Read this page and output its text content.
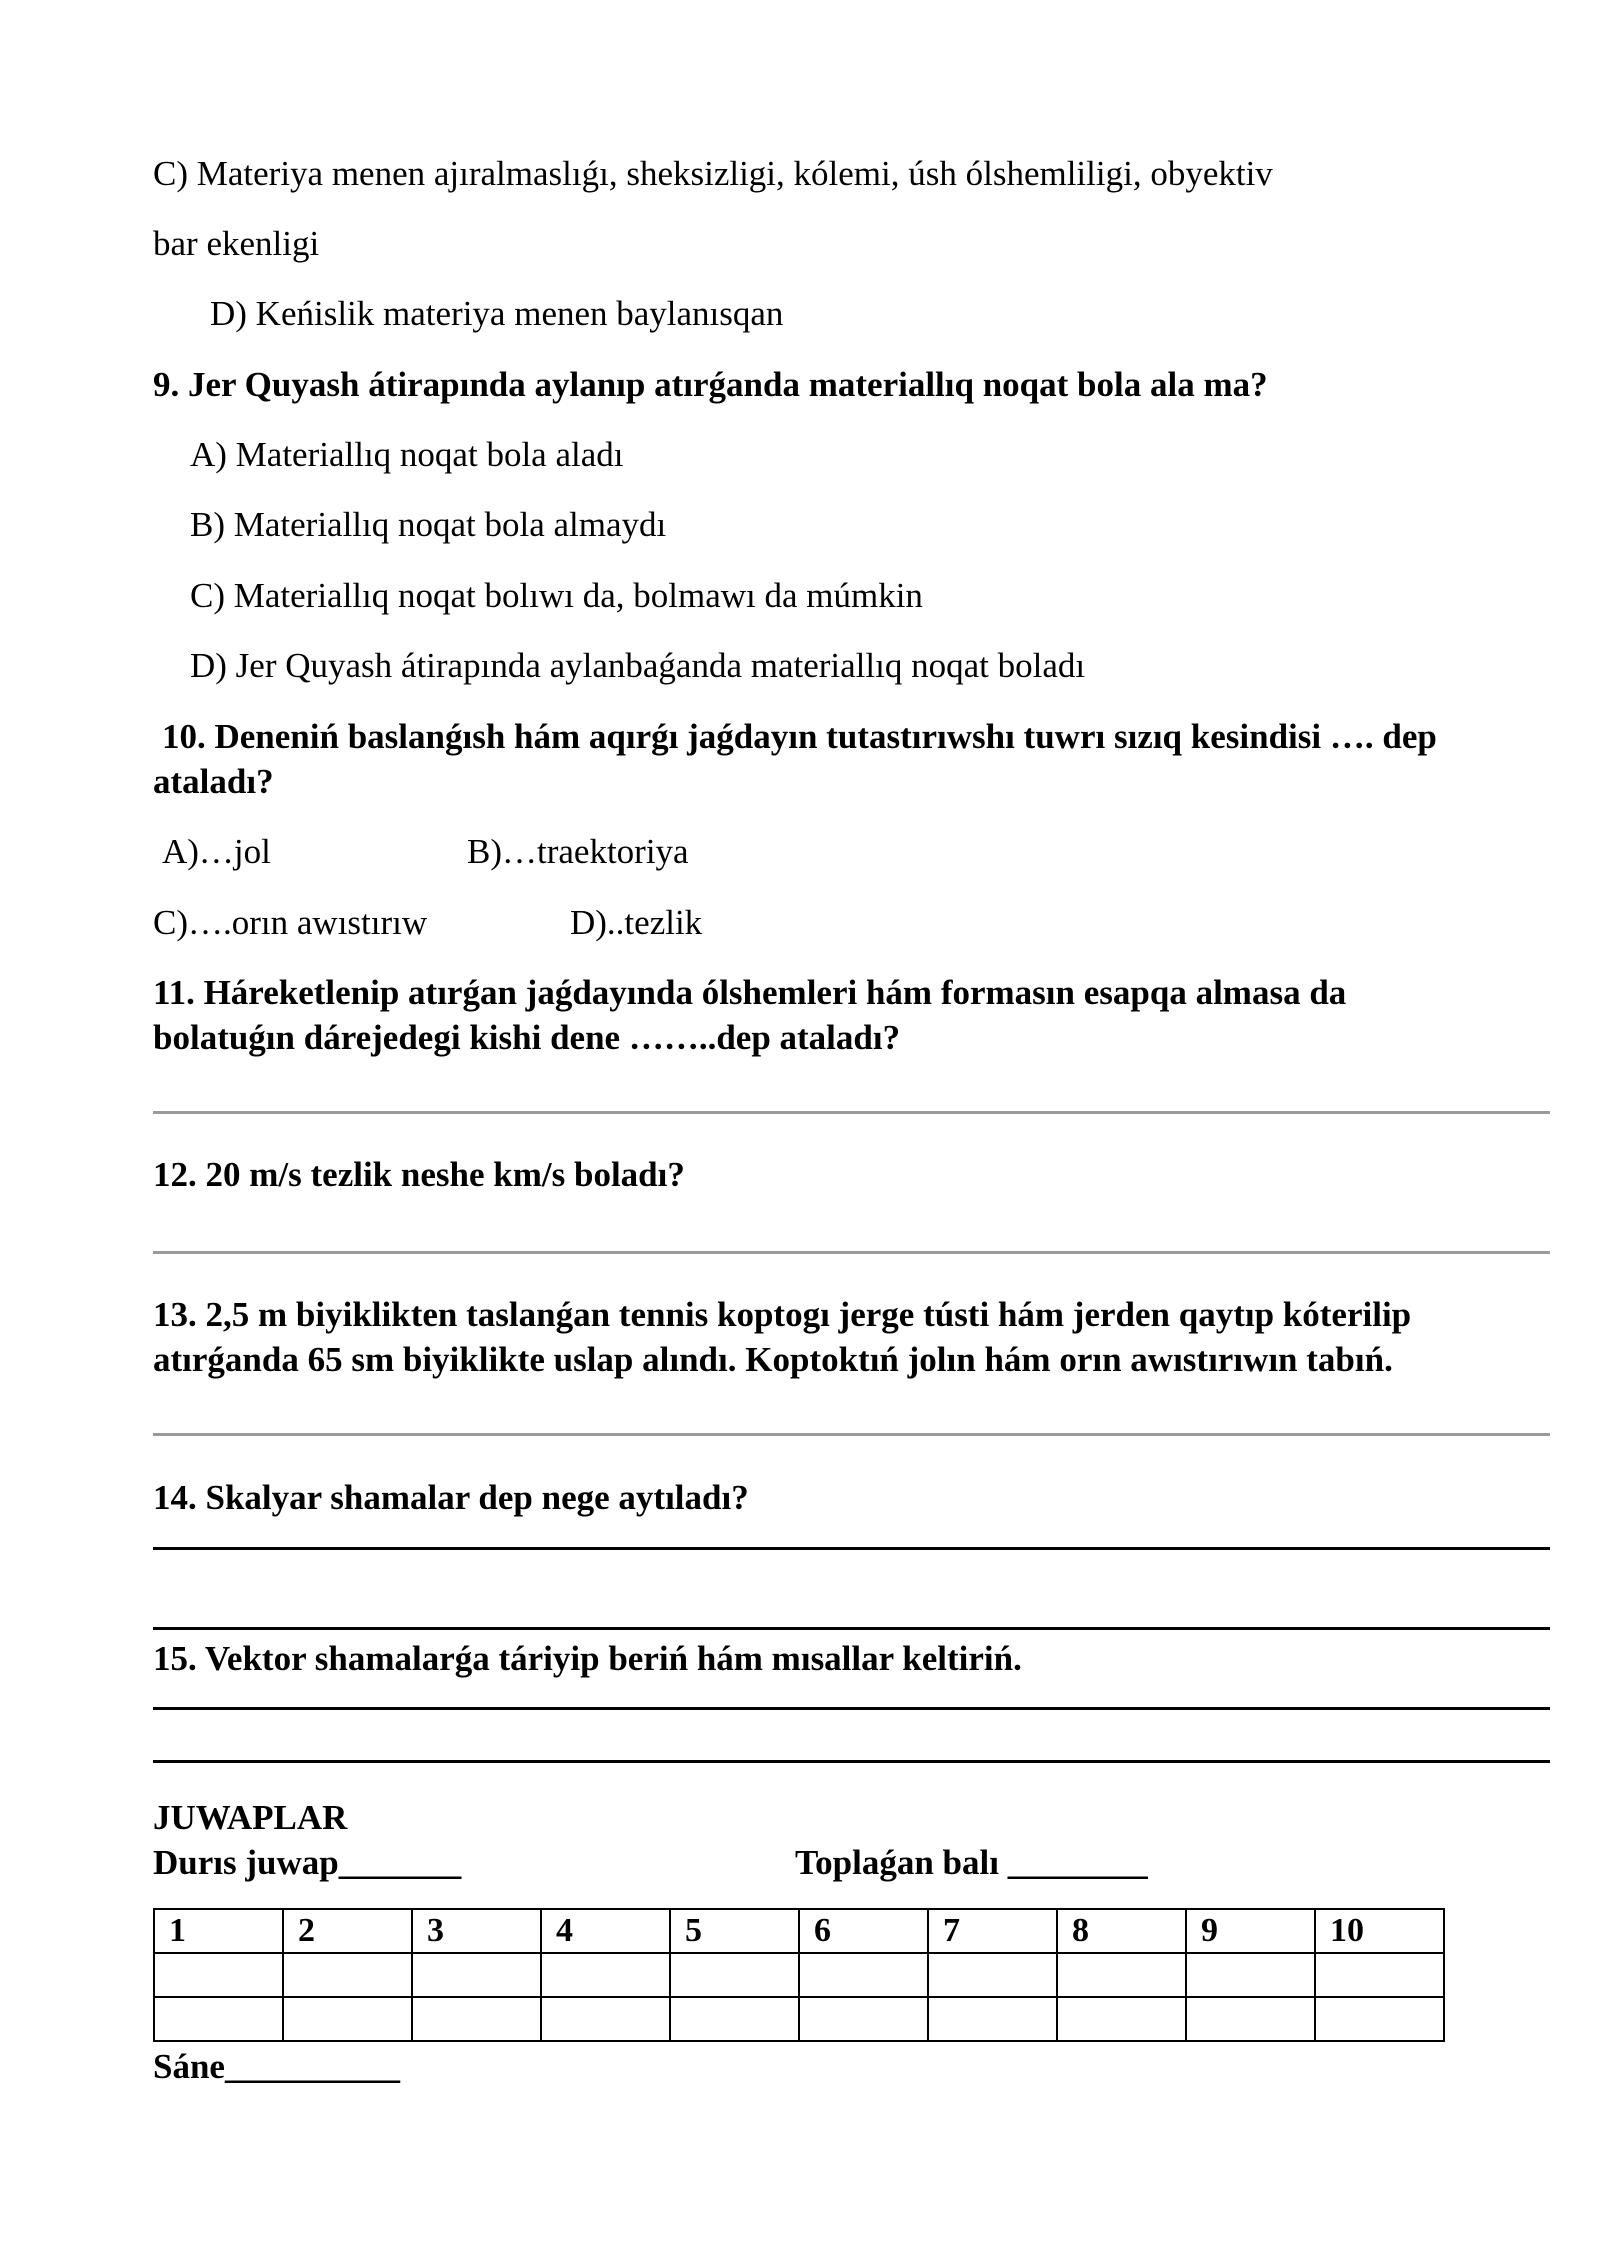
C) Materiya menen ajıralmaslıǵı, sheksizligi, kólemi, úsh ólshemliligi, obyektiv
bar ekenligi
D) Keńislik materiya menen baylanısqan
9. Jer Quyash átirapında aylanıp atırǵanda materiallıq noqat bola ala ma?
A) Materiallıq noqat bola aladı
B) Materiallıq noqat bola almaydı
C) Materiallıq noqat bolıwı da, bolmawı da múmkin
D) Jer Quyash átirapında aylanbaǵanda materiallıq noqat boladı
10. Deneniń baslanǵısh hám aqırǵı jaǵdayın tutastırıwshı tuwrı sızıq kesindisi …. dep
ataladı?
A)…jol	B)…traektoriya
C)….orın awıstırıw	D)..tezlik
11. Háreketlenip atırǵan jaǵdayında ólshemleri hám formasın esapqa almasa da
bolatuǵın dárejedegi kishi dene ……..dep ataladı?
12. 20 m/s tezlik neshe km/s boladı?
13. 2,5 m biyiklikten taslanǵan tennis koptogı jerge tústi hám jerden qaytıp kóterilip
atırǵanda 65 sm biyiklikte uslap alındı. Koptoktıń jolın hám orın awıstırıwın tabıń.
14. Skalyar shamalar dep nege aytıladı?
15. Vektor shamalarǵa táriyip beriń hám mısallar keltiriń.
JUWAPLAR
Durıs juwap_______	Toplaǵan balı ________
1	2	3	4	5	6	7	8	9	10

Sáne__________
